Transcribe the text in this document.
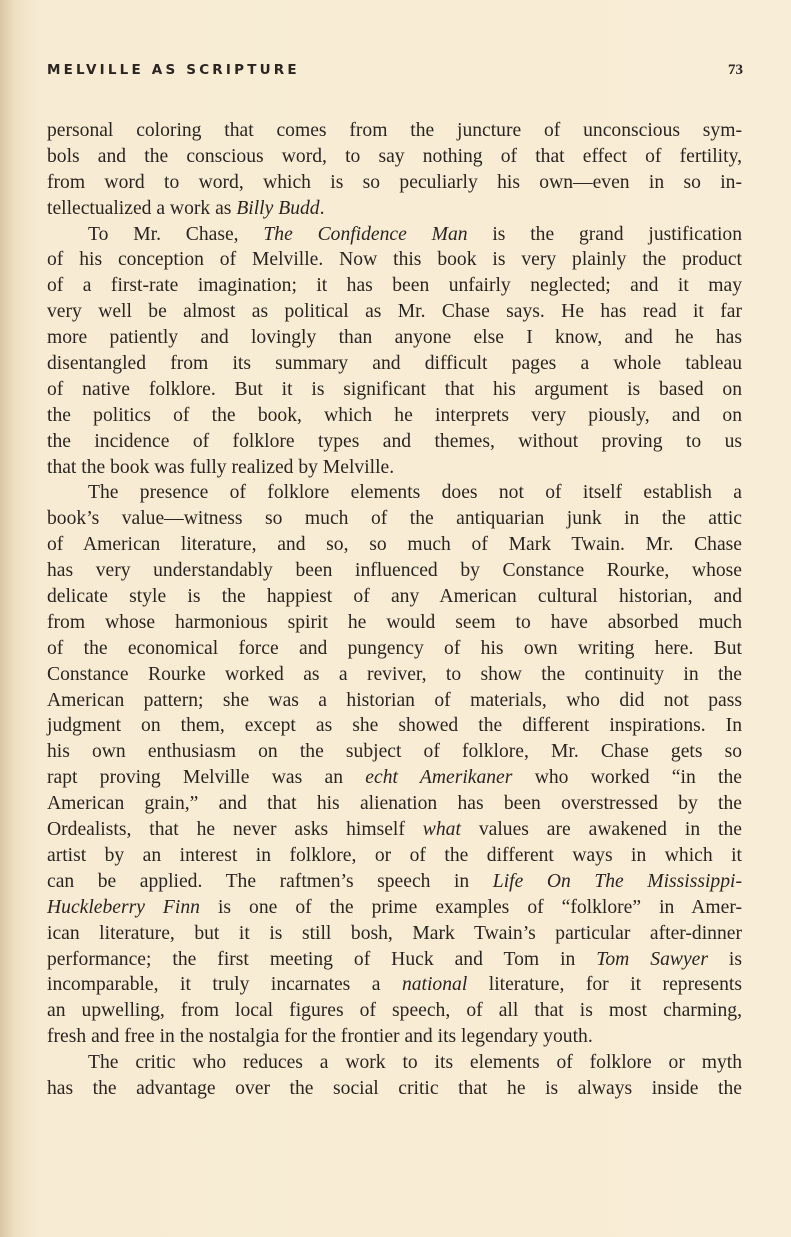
MELVILLE AS SCRIPTURE	73
personal coloring that comes from the juncture of unconscious sym-
bols and the conscious word, to say nothing of that effect of fertility,
from word to word, which is so peculiarly his own—even in so in-
tellectualized a work as Billy Budd.
To Mr. Chase, The Confidence Man is the grand justification
of his conception of Melville. Now this book is very plainly the product
of a first-rate imagination; it has been unfairly neglected; and it may
very well be almost as political as Mr. Chase says. He has read it far
more patiently and lovingly than anyone else I know, and he has
disentangled from its summary and difficult pages a whole tableau
of native folklore. But it is significant that his argument is based on
the politics of the book, which he interprets very piously, and on
the incidence of folklore types and themes, without proving to us
that the book was fully realized by Melville.
The presence of folklore elements does not of itself establish a
book’s value—witness so much of the antiquarian junk in the attic
of American literature, and so, so much of Mark Twain. Mr. Chase
has very understandably been influenced by Constance Rourke, whose
delicate style is the happiest of any American cultural historian, and
from whose harmonious spirit he would seem to have absorbed much
of the economical force and pungency of his own writing here. But
Constance Rourke worked as a reviver, to show the continuity in the
American pattern; she was a historian of materials, who did not pass
judgment on them, except as she showed the different inspirations. In
his own enthusiasm on the subject of folklore, Mr. Chase gets so
rapt proving Melville was an echt Amerikaner who worked “in the
American grain,” and that his alienation has been overstressed by the
Ordealists, that he never asks himself what values are awakened in the
artist by an interest in folklore, or of the different ways in which it
can be applied. The raftmen’s speech in Life On The Mississippi-
Huckleberry Finn is one of the prime examples of “folklore” in Amer-
ican literature, but it is still bosh, Mark Twain’s particular after-dinner
performance; the first meeting of Huck and Tom in Tom Sawyer is
incomparable, it truly incarnates a national literature, for it represents
an upwelling, from local figures of speech, of all that is most charming,
fresh and free in the nostalgia for the frontier and its legendary youth.
The critic who reduces a work to its elements of folklore or myth
has the advantage over the social critic that he is always inside the
